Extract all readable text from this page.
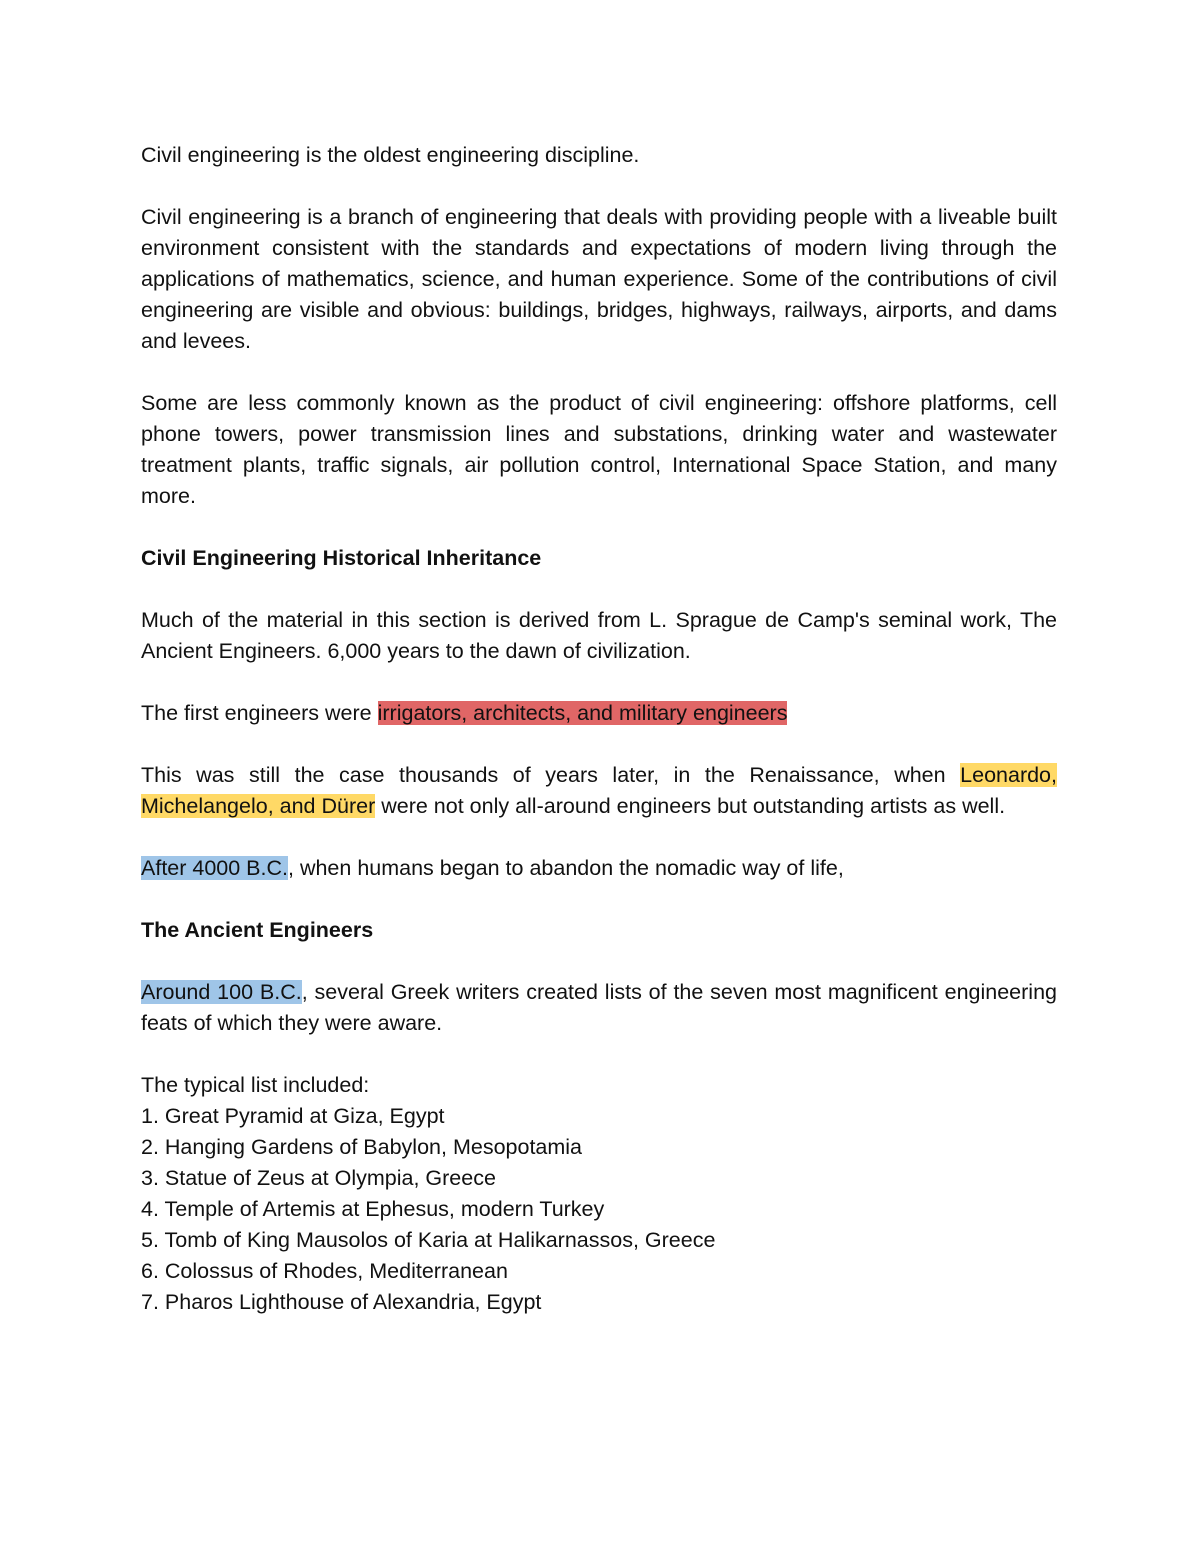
Civil engineering is the oldest engineering discipline.

Civil engineering is a branch of engineering that deals with providing people with a liveable built environment consistent with the standards and expectations of modern living through the applications of mathematics, science, and human experience. Some of the contributions of civil engineering are visible and obvious: buildings, bridges, highways, railways, airports, and dams and levees.

Some are less commonly known as the product of civil engineering: offshore platforms, cell phone towers, power transmission lines and substations, drinking water and wastewater treatment plants, traffic signals, air pollution control, International Space Station, and many more.

Civil Engineering Historical Inheritance

Much of the material in this section is derived from L. Sprague de Camp's seminal work, The Ancient Engineers. 6,000 years to the dawn of civilization.

The first engineers were irrigators, architects, and military engineers

This was still the case thousands of years later, in the Renaissance, when Leonardo, Michelangelo, and Dürer were not only all-around engineers but outstanding artists as well.

After 4000 B.C., when humans began to abandon the nomadic way of life,

The Ancient Engineers

Around 100 B.C., several Greek writers created lists of the seven most magnificent engineering feats of which they were aware.

The typical list included:

1. Great Pyramid at Giza, Egypt
2. Hanging Gardens of Babylon, Mesopotamia
3. Statue of Zeus at Olympia, Greece
4. Temple of Artemis at Ephesus, modern Turkey
5. Tomb of King Mausolos of Karia at Halikarnassos, Greece
6. Colossus of Rhodes, Mediterranean
7. Pharos Lighthouse of Alexandria, Egypt
